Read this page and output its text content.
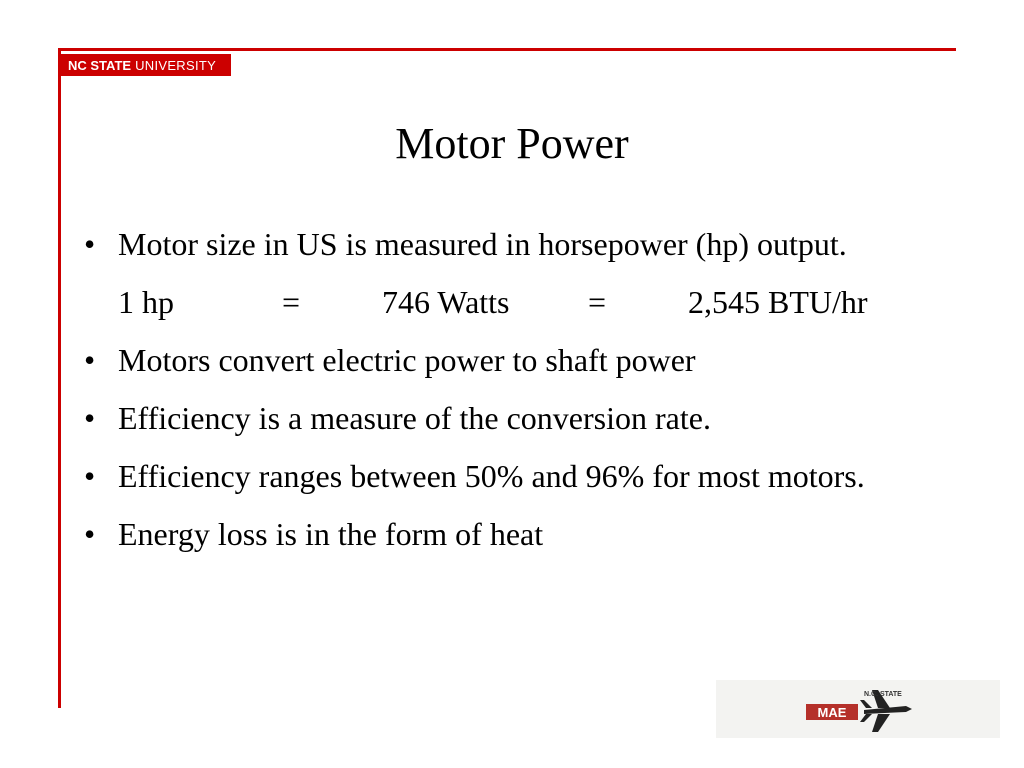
NC STATE UNIVERSITY
Motor Power
• Motor size in US is measured in horsepower (hp) output.
1 hp	=	746 Watts	=	2,545 BTU/hr
• Motors convert electric power to shaft power
• Efficiency is a measure of the conversion rate.
• Efficiency ranges between 50% and 96% for most motors.
• Energy loss is in the form of heat
MAE
N.C. STATE
